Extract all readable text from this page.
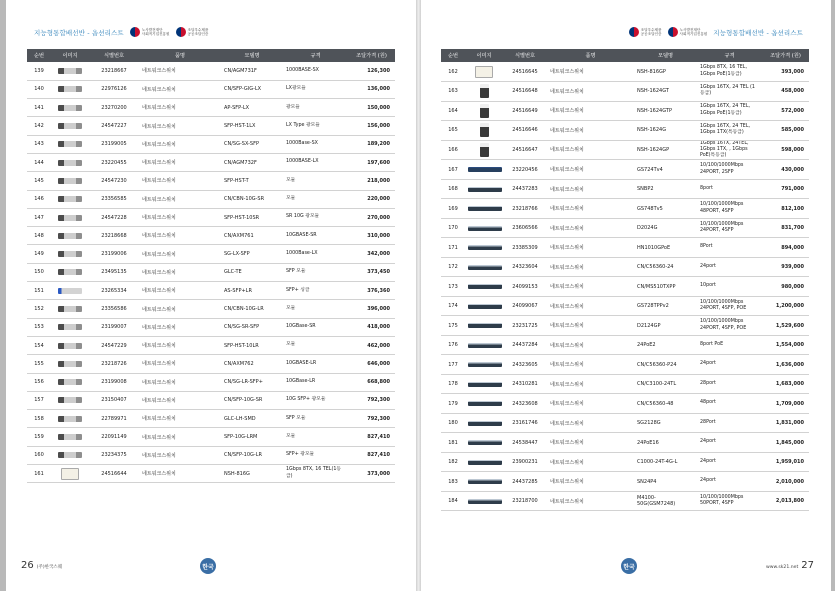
지능형통합배선반 - 옵션리스트	노사발전재단
사회적기업진흥원
조달우수제품
공공조달인증
순번	이미지	식별번호	품명	모델명	규격	조달가격 (원)
139		23218667	네트워크스위치	CN/AGM731F	1000BASE-SX	126,300
140		22976126	네트워크스위치	CN/SFP-GIG-LX	LX광모듈	136,000
141		23270200	네트워크스위치	AP-SFP-LX	광모듈	150,000
142		24547227	네트워크스위치	SFP-HST-1LX	LX Type 광모듈	156,000
143		23199005	네트워크스위치	CN/SG-SX-SFP	1000Base-SX	189,200
144		23220455	네트워크스위치	CN/AGM732F	1000BASE-LX	197,600
145		24547230	네트워크스위치	SFP-HST-T	모듈	218,000
146		23356585	네트워크스위치	CN/CBN-10G-SR	모듈	220,000
147		24547228	네트워크스위치	SFP-HST-10SR	SR 10G 광모듈	270,000
148		23218668	네트워크스위치	CN/AXM761	10GBASE-SR	310,000
149		23199006	네트워크스위치	SG-LX-SFP	1000Base-LX	342,000
150		23495135	네트워크스위치	GLC-TE	SFP 모듈	373,450
151		23265334	네트워크스위치	AS-SFP+LR	SFP+ 싱글	376,360
152		23356586	네트워크스위치	CN/CBN-10G-LR	모듈	396,000
153		23199007	네트워크스위치	CN/SG-SR-SFP	10GBase-SR	418,000
154		24547229	네트워크스위치	SFP-HST-10LR	모듈	462,000
155		23218726	네트워크스위치	CN/AXM762	10GBASE-LR	646,000
156		23199008	네트워크스위치	CN/SG-LR-SFP+	10GBase-LR	668,800
157		23150407	네트워크스위치	CN/SFP-10G-SR	10G SFP+ 광모듈	792,300
158		22789971	네트워크스위치	GLC-LH-SMD	SFP 모듈	792,300
159		22091149	네트워크스위치	SFP-10G-LRM	모듈	827,410
160		23234375	네트워크스위치	CN/SFP-10G-LR	SFP+ 광모듈	827,410
161		24516644	네트워크스위치	NSH-816G	1Gbps 8TX, 16 TEL(1등급)	373,000
한국
26 (주)한국스퀘
조달우수제품
공공조달인증
노사발전재단
사회적기업진흥원 지능형통합배선반 - 옵션리스트
순번	이미지	식별번호	품명	모델명	규격	조달가격 (원)
162		24516645	네트워크스위치	NSH-816GP	1Gbps 8TX, 16 TEL, 1Gbps PoE(1등급)	393,000
163		24516648	네트워크스위치	NSH-1624GT	1Gbps 16TX, 24 TEL (1등급)	458,000
164		24516649	네트워크스위치	NSH-1624GTP	1Gbps 16TX, 24 TEL, 1Gbps PoE(1등급)	572,000
165		24516646	네트워크스위치	NSH-1624G	1Gbps 16TX, 24 TEL, 1Gbps 1TX(특등급)	585,000
166		24516647	네트워크스위치	NSH-1624GP	1Gbps 16TX, 24TEL, 1Gbps 1TX, , 1Gbps PoE(특등급)	598,000
167		23220456	네트워크스위치	GS724Tv4	10/100/1000Mbps 24PORT, 2SFP	430,000
168		24437283	네트워크스위치	SNBP2	8port	791,000
169		23218766	네트워크스위치	GS748Tv5	10/100/1000Mbps 48PORT, 4SFP	812,100
170		23606566	네트워크스위치	D2024G	10/100/1000Mbps 24PORT, 4SFP	831,700
171		23385309	네트워크스위치	HN1010GPoE	8Port	894,000
172		24323604	네트워크스위치	CN/C56360-24	24port	939,000
173		24099153	네트워크스위치	CN/MS510TXPP	10port	980,000
174		24099067	네트워크스위치	GS728TPPv2	10/100/1000Mbps 24PORT, 4SFP, POE	1,200,000
175		23231725	네트워크스위치	D2124GP	10/100/1000Mbps 24PORT, 4SFP, POE	1,529,600
176		24437284	네트워크스위치	24PoE2	8port PoE	1,554,000
177		24323605	네트워크스위치	CN/C56360-P24	24port	1,636,000
178		24310281	네트워크스위치	CN/C3100-24TL	28port	1,683,000
179		24323608	네트워크스위치	CN/C56360-48	48port	1,709,000
180		23161746	네트워크스위치	SG2128G	28Port	1,831,000
181		24538447	네트워크스위치	24PoE16	24port	1,845,000
182		23900231	네트워크스위치	C1000-24T-4G-L	24port	1,959,010
183		24437285	네트워크스위치	SN24P4	24port	2,010,000
184		23218700	네트워크스위치	M4100-50G(GSM7248)	10/100/1000Mbps 50PORT, 4SFP	2,013,800
한국	www.sk21.net 27
